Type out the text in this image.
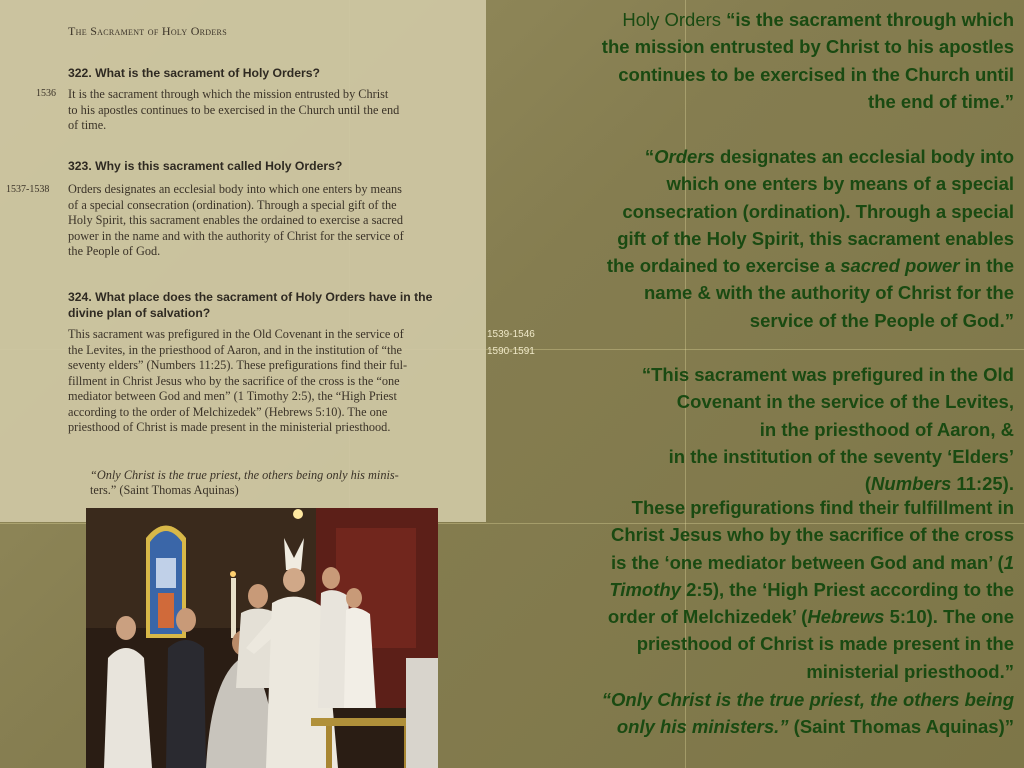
The Sacrament of Holy Orders
322. What is the sacrament of Holy Orders?
1536 It is the sacrament through which the mission entrusted by Christ
to his apostles continues to be exercised in the Church until the end
of time.
323. Why is this sacrament called Holy Orders?
1537-1538 Orders designates an ecclesial body into which one enters by means
of a special consecration (ordination). Through a special gift of the
Holy Spirit, this sacrament enables the ordained to exercise a sacred
power in the name and with the authority of Christ for the service of
the People of God.
324. What place does the sacrament of Holy Orders have in the
divine plan of salvation?
This sacrament was prefigured in the Old Covenant in the service of
the Levites, in the priesthood of Aaron, and in the institution of “the
seventy elders” (Numbers 11:25). These prefigurations find their ful-
fillment in Christ Jesus who by the sacrifice of the cross is the “one
mediator between God and men” (1 Timothy 2:5), the “High Priest
according to the order of Melchizedek” (Hebrews 5:10). The one
priesthood of Christ is made present in the ministerial priesthood.
“Only Christ is the true priest, the others being only his minis-
ters.” (Saint Thomas Aquinas)
1539-1546
1590-1591
Holy Orders “is the sacrament through which
the mission entrusted by Christ to his apostles
continues to be exercised in the Church until
the end of time.”
“Orders designates an ecclesial body into
which one enters by means of a special
consecration (ordination). Through a special
gift of the Holy Spirit, this sacrament enables
the ordained to exercise a sacred power in the
name & with the authority of Christ for the
service of the People of God.”
“This sacrament was prefigured in the Old
Covenant in the service of the Levites,
in the priesthood of Aaron, &
in the institution of the seventy ‘Elders’
(Numbers 11:25).
These prefigurations find their fulfillment in
Christ Jesus who by the sacrifice of the cross
is the ‘one mediator between God and man’ (1
Timothy 2:5), the ‘High Priest according to the
order of Melchizedek’ (Hebrews 5:10). The one
priesthood of Christ is made present in the
ministerial priesthood.”
“Only Christ is the true priest, the others being
only his ministers.” (Saint Thomas Aquinas)”
